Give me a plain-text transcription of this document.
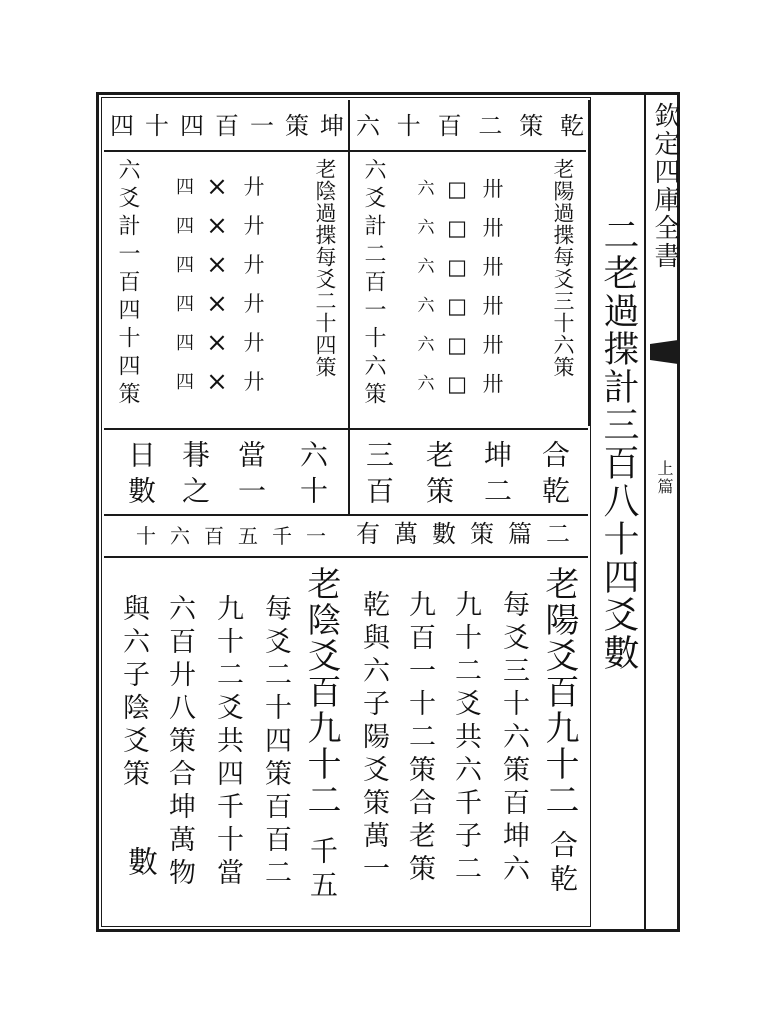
欽定四庫全書
上篇
二老過揲計三百八十四爻數
乾
策
二
百
十
六
老陽過揲每爻三十六策
卅
卅
卅
卅
卅
卅
□
□
□
□
□
□
六
六
六
六
六
六
六爻計二百一十六策
坤
策
一
百
四
十
四
老陰過揲每爻二十四策
廾
廾
廾
廾
廾
廾
×
×
×
×
×
×
四
四
四
四
四
四
六爻計一百四十四策
合乾
坤二
老策
三百
六十
當一
朞之
日數
二篇策數萬有
一千五百六十
老陽爻百九十二
合乾
每爻三十六策百坤六
九十二爻共六千子二
九百一十二策合老策
乾與六子陽爻策萬一
老陰爻百九十二
千五
每爻二十四策百百二
九十二爻共四千十當
六百廾八策合坤萬物
與六子陰爻策
數
